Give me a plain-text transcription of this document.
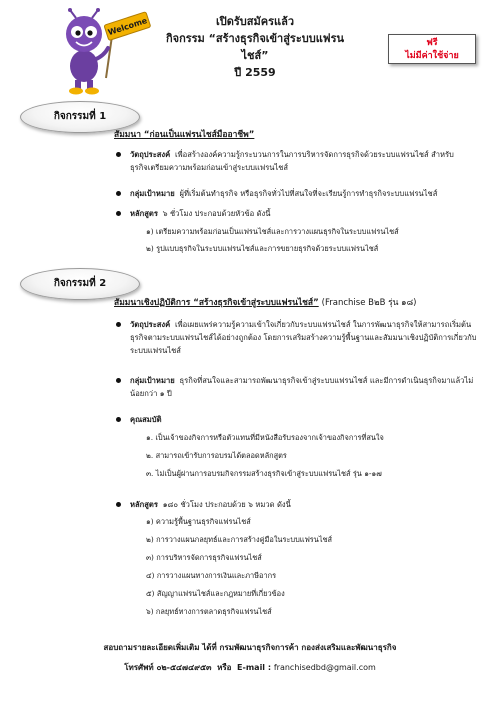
Welcome	เปิดรับสมัครแล้ว
กิจกรรม “สร้างธุรกิจเข้าสู่ระบบแฟรนไชส์”
ปี 2559
ฟรี
ไม่มีค่าใช้จ่าย
กิจกรรมที่ 1
สัมมนา “ก่อนเป็นแฟรนไชส์มืออาชีพ”
วัตถุประสงค์ เพื่อสร้างองค์ความรู้กระบวนการในการบริหารจัดการธุรกิจด้วยระบบแฟรนไชส์ สำหรับธุรกิจเตรียมความพร้อมก่อนเข้าสู่ระบบแฟรนไชส์
กลุ่มเป้าหมาย ผู้ที่เริ่มต้นทำธุรกิจ หรือธุรกิจทั่วไปที่สนใจที่จะเรียนรู้การทำธุรกิจระบบแฟรนไชส์
หลักสูตร ๖ ชั่วโมง ประกอบด้วยหัวข้อ ดังนี้
๑) เตรียมความพร้อมก่อนเป็นแฟรนไชส์และการวางแผนธุรกิจในระบบแฟรนไชส์
๒) รูปแบบธุรกิจในระบบแฟรนไชส์และการขยายธุรกิจด้วยระบบแฟรนไชส์
กิจกรรมที่ 2
สัมมนาเชิงปฏิบัติการ “สร้างธุรกิจเข้าสู่ระบบแฟรนไชส์” (Franchise B๒B รุ่น ๑๘)
วัตถุประสงค์ เพื่อเผยแพร่ความรู้ความเข้าใจเกี่ยวกับระบบแฟรนไชส์ ในการพัฒนาธุรกิจให้สามารถเริ่มต้นธุรกิจตามระบบแฟรนไชส์ได้อย่างถูกต้อง โดยการเสริมสร้างความรู้พื้นฐานและสัมมนาเชิงปฏิบัติการเกี่ยวกับระบบแฟรนไชส์
กลุ่มเป้าหมาย ธุรกิจที่สนใจและสามารถพัฒนาธุรกิจเข้าสู่ระบบแฟรนไชส์ และมีการดำเนินธุรกิจมาแล้วไม่น้อยกว่า ๑ ปี
คุณสมบัติ
๑. เป็นเจ้าของกิจการหรือตัวแทนที่มีหนังสือรับรองจากเจ้าของกิจการที่สนใจ
๒. สามารถเข้ารับการอบรมได้ตลอดหลักสูตร
๓. ไม่เป็นผู้ผ่านการอบรมกิจกรรมสร้างธุรกิจเข้าสู่ระบบแฟรนไชส์ รุ่น ๑-๑๗
หลักสูตร ๑๘๐ ชั่วโมง ประกอบด้วย ๖ หมวด ดังนี้
๑) ความรู้พื้นฐานธุรกิจแฟรนไชส์
๒) การวางแผนกลยุทธ์และการสร้างคู่มือในระบบแฟรนไชส์
๓) การบริหารจัดการธุรกิจแฟรนไชส์
๔) การวางแผนทางการเงินและภาษีอากร
๕) สัญญาแฟรนไชส์และกฎหมายที่เกี่ยวข้อง
๖) กลยุทธ์ทางการตลาดธุรกิจแฟรนไชส์
สอบถามรายละเอียดเพิ่มเติม ได้ที่ กรมพัฒนาธุรกิจการค้า กองส่งเสริมและพัฒนาธุรกิจ
โทรศัพท์ ๐๒-๕๔๗๔๙๕๓ หรือ E-mail : franchisedbd@gmail.com
